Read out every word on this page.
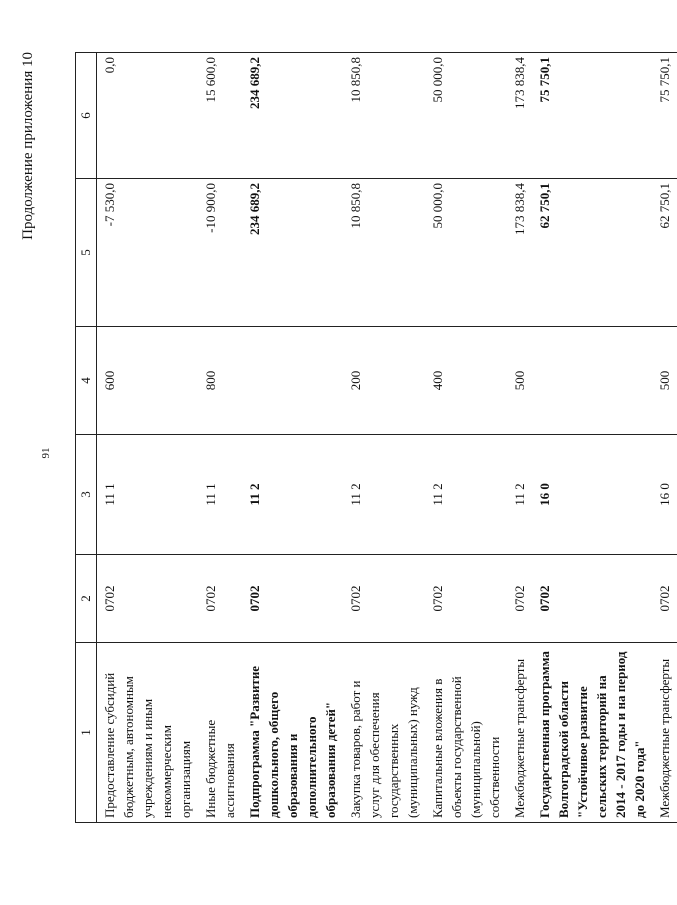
91
Продолжение приложения 10
1	2	3	4	5	6
Предоставление субсидий бюджетным, автономным учреждениям и иным некоммерческим организациям	0702	11 1	600	-7 530,0	0,0
Иные бюджетные ассигнования	0702	11 1	800	-10 900,0	15 600,0
Подпрограмма "Развитие дошкольного, общего образования и дополнительного образования детей"	0702	11 2		234 689,2	234 689,2
Закупка товаров, работ и услуг для обеспечения государственных (муниципальных) нужд	0702	11 2	200	10 850,8	10 850,8
Капитальные вложения в объекты государственной (муниципальной) собственности	0702	11 2	400	50 000,0	50 000,0
Межбюджетные трансферты	0702	11 2	500	173 838,4	173 838,4
Государственная программа Волгоградской области "Устойчивое развитие сельских территорий на 2014 - 2017 годы и на период до 2020 года"	0702	16 0		62 750,1	75 750,1
Межбюджетные трансферты	0702	16 0	500	62 750,1	75 750,1
